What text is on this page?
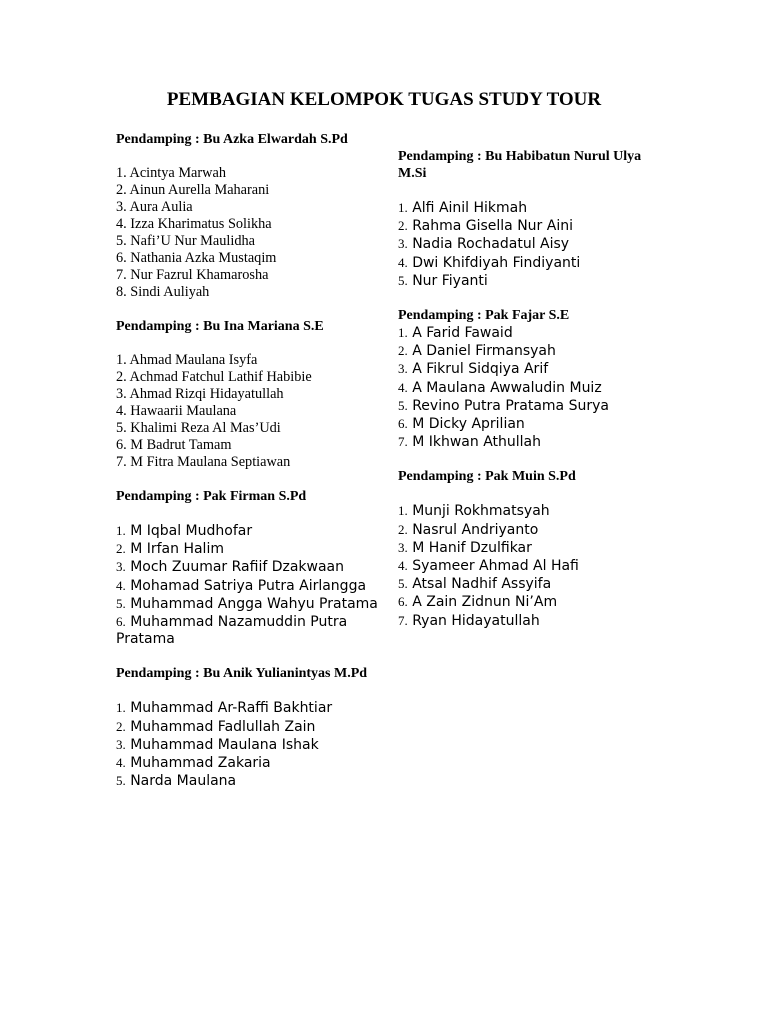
PEMBAGIAN KELOMPOK TUGAS STUDY TOUR

Pendamping : Bu Azka Elwardah S.Pd

1. Acintya Marwah
2. Ainun Aurella Maharani
3. Aura Aulia
4. Izza Kharimatus Solikha
5. Nafi’U Nur Maulidha
6. Nathania Azka Mustaqim
7. Nur Fazrul Khamarosha
8. Sindi Auliyah

Pendamping : Bu Ina Mariana S.E

1. Ahmad Maulana Isyfa
2. Achmad Fatchul Lathif Habibie
3. Ahmad Rizqi Hidayatullah
4. Hawaarii Maulana
5. Khalimi Reza Al Mas’Udi
6. M Badrut Tamam
7. M Fitra Maulana Septiawan

Pendamping : Pak Firman S.Pd

1. M Iqbal Mudhofar
2. M Irfan Halim
3. Moch Zuumar Rafiif Dzakwaan
4. Mohamad Satriya Putra Airlangga
5. Muhammad Angga Wahyu Pratama
6. Muhammad Nazamuddin Putra Pratama

Pendamping : Bu Anik Yulianintyas M.Pd

1. Muhammad Ar-Raffi Bakhtiar
2. Muhammad Fadlullah Zain
3. Muhammad Maulana Ishak
4. Muhammad Zakaria
5. Narda Maulana

Pendamping : Bu Habibatun Nurul Ulya M.Si

1. Alfi Ainil Hikmah
2. Rahma Gisella Nur Aini
3. Nadia Rochadatul Aisy
4. Dwi Khifdiyah Findiyanti
5. Nur Fiyanti

Pendamping : Pak Fajar S.E

1. A Farid Fawaid
2. A Daniel Firmansyah
3. A Fikrul Sidqiya Arif
4. A Maulana Awwaludin Muiz
5. Revino Putra Pratama Surya
6. M Dicky Aprilian
7. M Ikhwan Athullah

Pendamping : Pak Muin S.Pd

1. Munji Rokhmatsyah
2. Nasrul Andriyanto
3. M Hanif Dzulfikar
4. Syameer Ahmad Al Hafi
5. Atsal Nadhif Assyifa
6. A Zain Zidnun Ni’Am
7. Ryan Hidayatullah
